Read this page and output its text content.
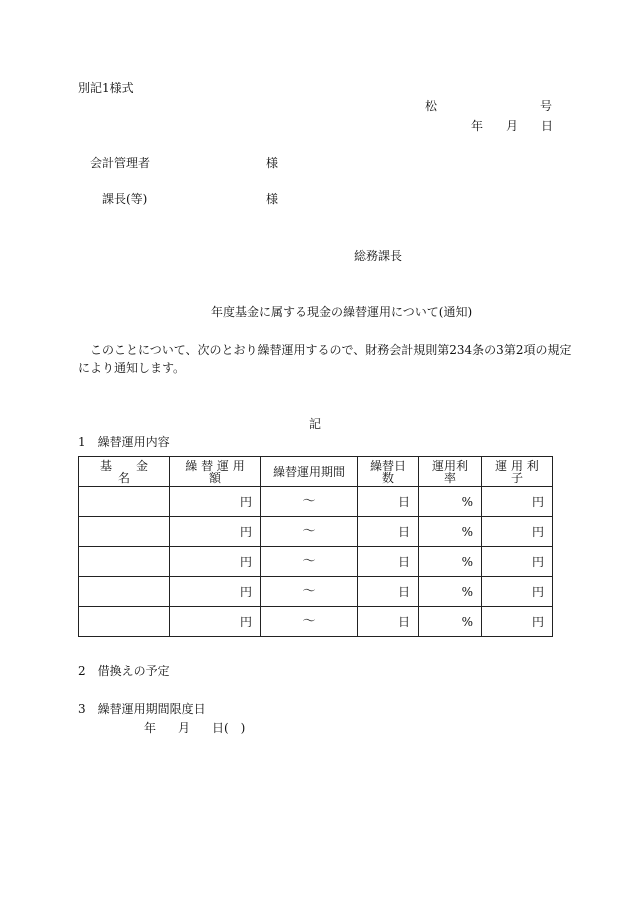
別記1様式
松	号
年 月 日
会計管理者	様
課長(等)	様
総務課長
年度基金に属する現金の繰替運用について(通知)
このことについて、次のとおり繰替運用するので、財務会計規則第234条の3第2項の規定
により通知します。
記
1　繰替運用内容
基　　金　　名	繰 替 運 用 額	繰替運用期間	繰替日数	運用利率	運 用 利 子
	円	～	日	%	円
	円	～	日	%	円
	円	～	日	%	円
	円	～	日	%	円
	円	～	日	%	円
2　借換えの予定
3　繰替運用期間限度日
年 月 日(　)
